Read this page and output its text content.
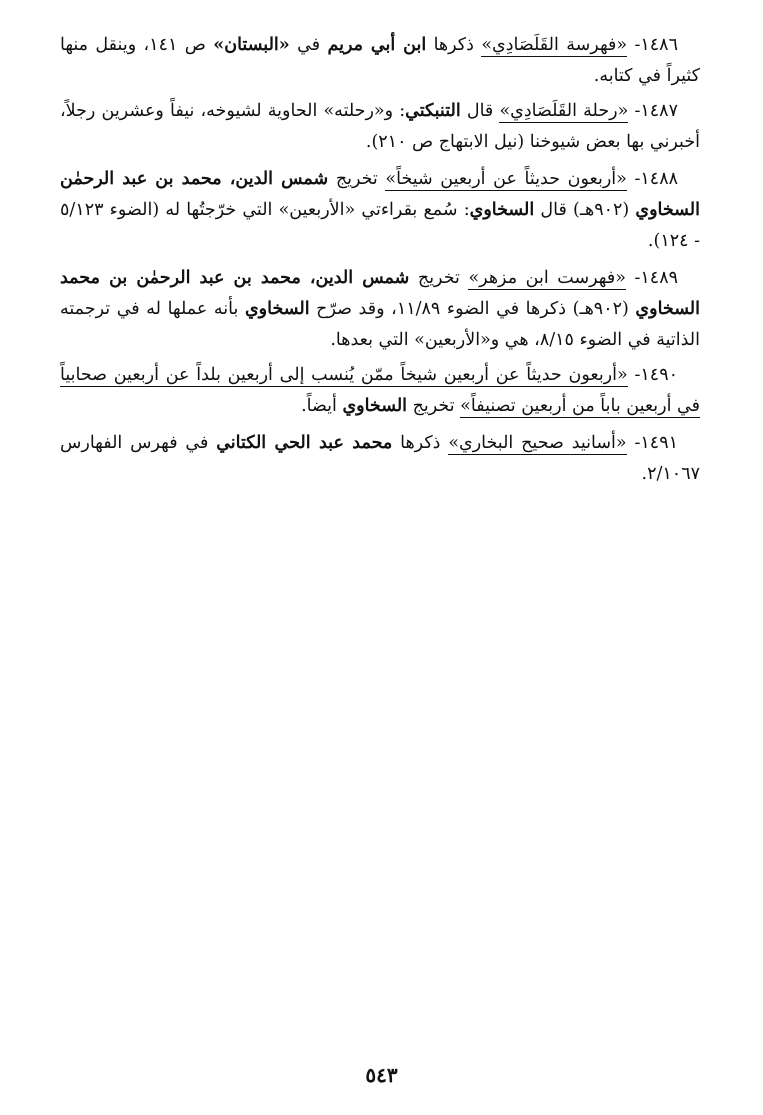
١٤٨٦- «فهرسة القَلَصَادِي» ذكرها ابن أبي مريم في «البستان» ص ١٤١، وينقل منها كثيراً في كتابه.

١٤٨٧- «رحلة القَلَصَادِي» قال التنبكتي: و«رحلته» الحاوية لشيوخه، نيفاً وعشرين رجلاً، أخبرني بها بعض شيوخنا (نيل الابتهاج ص ٢١٠).

١٤٨٨- «أربعون حديثاً عن أربعين شيخاً» تخريج شمس الدين، محمد بن عبد الرحمٰن السخاوي (٩٠٢هـ) قال السخاوي: سُمع بقراءتي «الأربعين» التي خرّجتُها له (الضوء ٥/١٢٣ - ١٢٤).

١٤٨٩- «فهرست ابن مزهر» تخريج شمس الدين، محمد بن عبد الرحمٰن بن محمد السخاوي (٩٠٢هـ) ذكرها في الضوء ١١/٨٩، وقد صرّح السخاوي بأنه عملها له في ترجمته الذاتية في الضوء ٨/١٥، هي و«الأربعين» التي بعدها.

١٤٩٠- «أربعون حديثاً عن أربعين شيخاً ممّن يُنسب إلى أربعين بلداً عن أربعين صحابياً في أربعين باباً من أربعين تصنيفاً» تخريج السخاوي أيضاً.

١٤٩١- «أسانيد صحيح البخاري» ذكرها محمد عبد الحي الكتاني في فهرس الفهارس ٢/١٠٦٧.

٥٤٣
